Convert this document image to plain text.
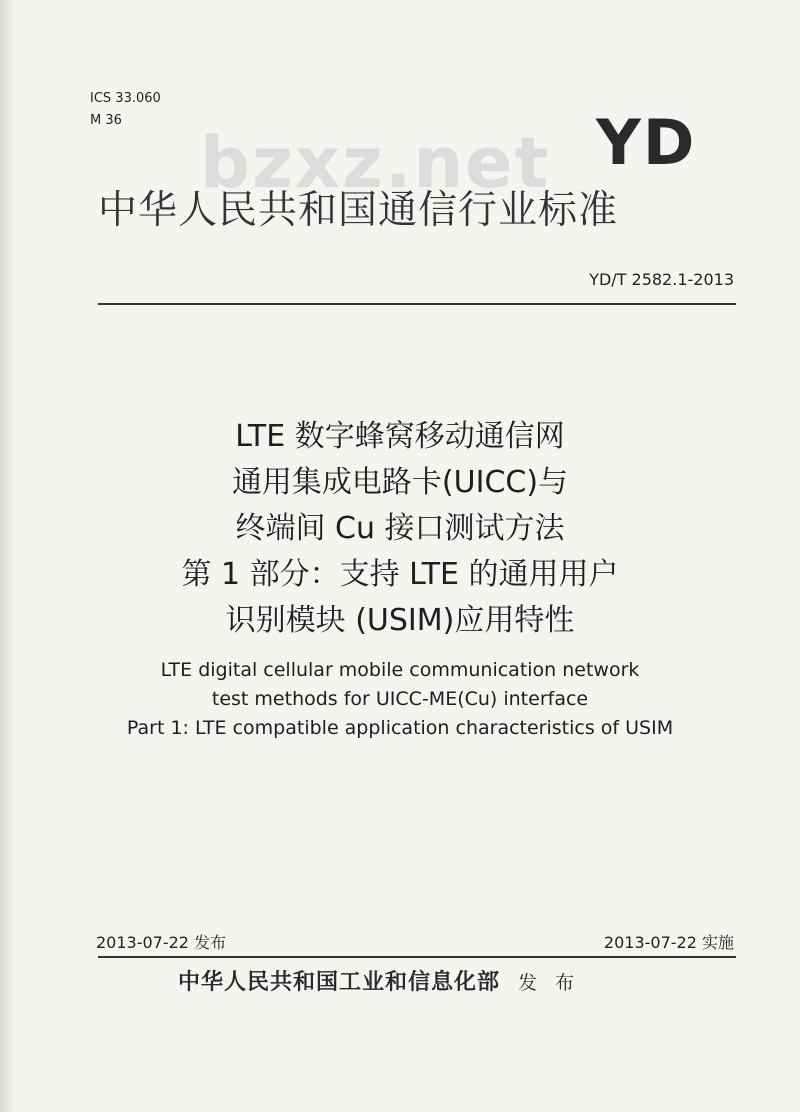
ICS 33.060
M 36
bzxz.net YD
中华人民共和国通信行业标准
YD/T 2582.1-2013
LTE 数字蜂窝移动通信网
通用集成电路卡(UICC)与
终端间 Cu 接口测试方法
第 1 部分：支持 LTE 的通用用户
识别模块 (USIM)应用特性
LTE digital cellular mobile communication network
test methods for UICC-ME(Cu) interface
Part 1: LTE compatible application characteristics of USIM
2013-07-22 发布	2013-07-22 实施
中华人民共和国工业和信息化部 发 布
